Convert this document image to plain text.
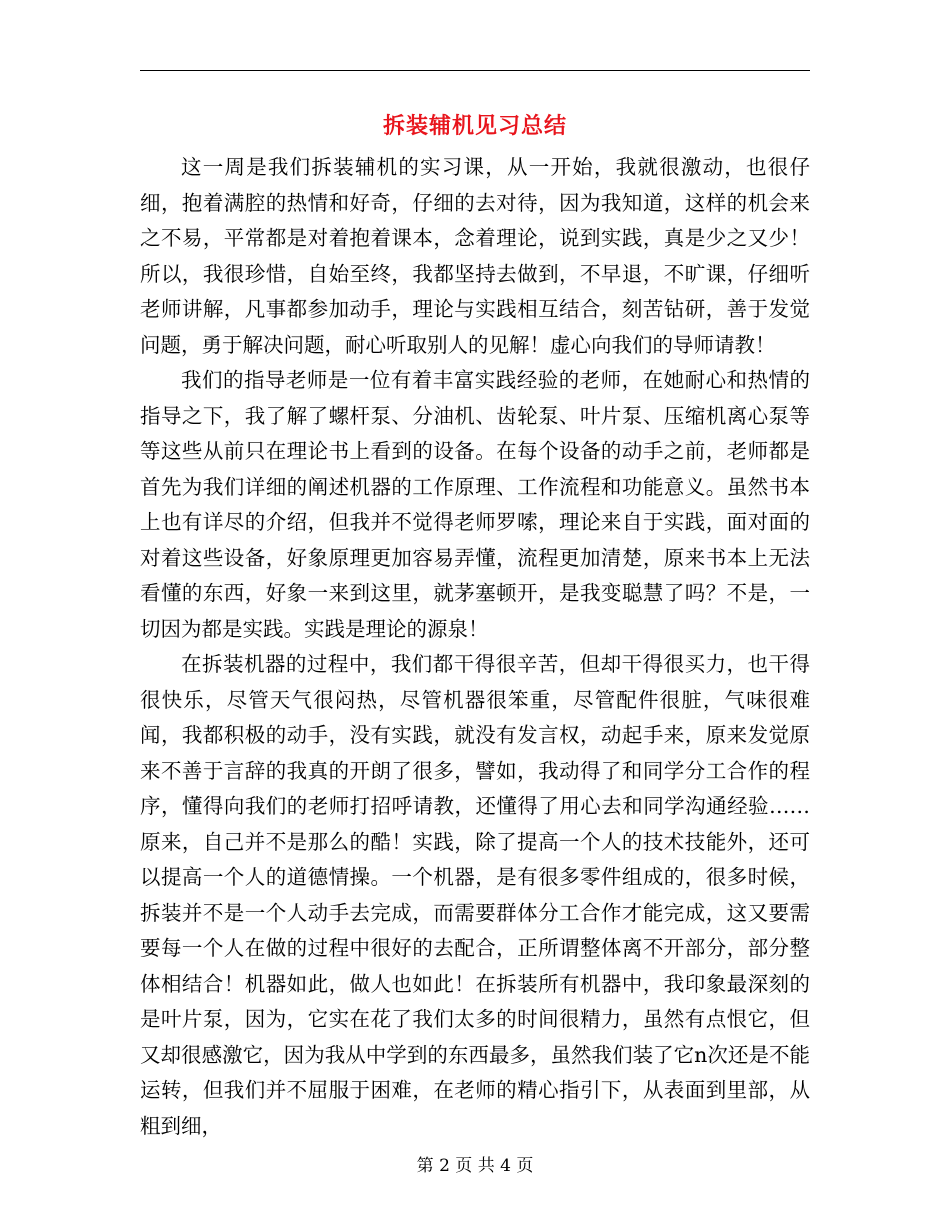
拆装辅机见习总结

这一周是我们拆装辅机的实习课，从一开始，我就很激动，也很仔细，抱着满腔的热情和好奇，仔细的去对待，因为我知道，这样的机会来之不易，平常都是对着抱着课本，念着理论，说到实践，真是少之又少！所以，我很珍惜，自始至终，我都坚持去做到，不早退，不旷课，仔细听老师讲解，凡事都参加动手，理论与实践相互结合，刻苦钻研，善于发觉问题，勇于解决问题，耐心听取别人的见解！虚心向我们的导师请教！

我们的指导老师是一位有着丰富实践经验的老师，在她耐心和热情的指导之下，我了解了螺杆泵、分油机、齿轮泵、叶片泵、压缩机离心泵等等这些从前只在理论书上看到的设备。在每个设备的动手之前，老师都是首先为我们详细的阐述机器的工作原理、工作流程和功能意义。虽然书本上也有详尽的介绍，但我并不觉得老师罗嗦，理论来自于实践，面对面的对着这些设备，好象原理更加容易弄懂，流程更加清楚，原来书本上无法看懂的东西，好象一来到这里，就茅塞顿开，是我变聪慧了吗？不是，一切因为都是实践。实践是理论的源泉！

在拆装机器的过程中，我们都干得很辛苦，但却干得很买力，也干得很快乐，尽管天气很闷热，尽管机器很笨重，尽管配件很脏，气味很难闻，我都积极的动手，没有实践，就没有发言权，动起手来，原来发觉原来不善于言辞的我真的开朗了很多，譬如，我动得了和同学分工合作的程序，懂得向我们的老师打招呼请教，还懂得了用心去和同学沟通经验……原来，自己并不是那么的酷！实践，除了提高一个人的技术技能外，还可以提高一个人的道德情操。一个机器，是有很多零件组成的，很多时候，拆装并不是一个人动手去完成，而需要群体分工合作才能完成，这又要需要每一个人在做的过程中很好的去配合，正所谓整体离不开部分，部分整体相结合！机器如此，做人也如此！在拆装所有机器中，我印象最深刻的是叶片泵，因为，它实在花了我们太多的时间很精力，虽然有点恨它，但又却很感激它，因为我从中学到的东西最多，虽然我们装了它n次还是不能运转，但我们并不屈服于困难，在老师的精心指引下，从表面到里部，从粗到细，

第 2 页 共 4 页
